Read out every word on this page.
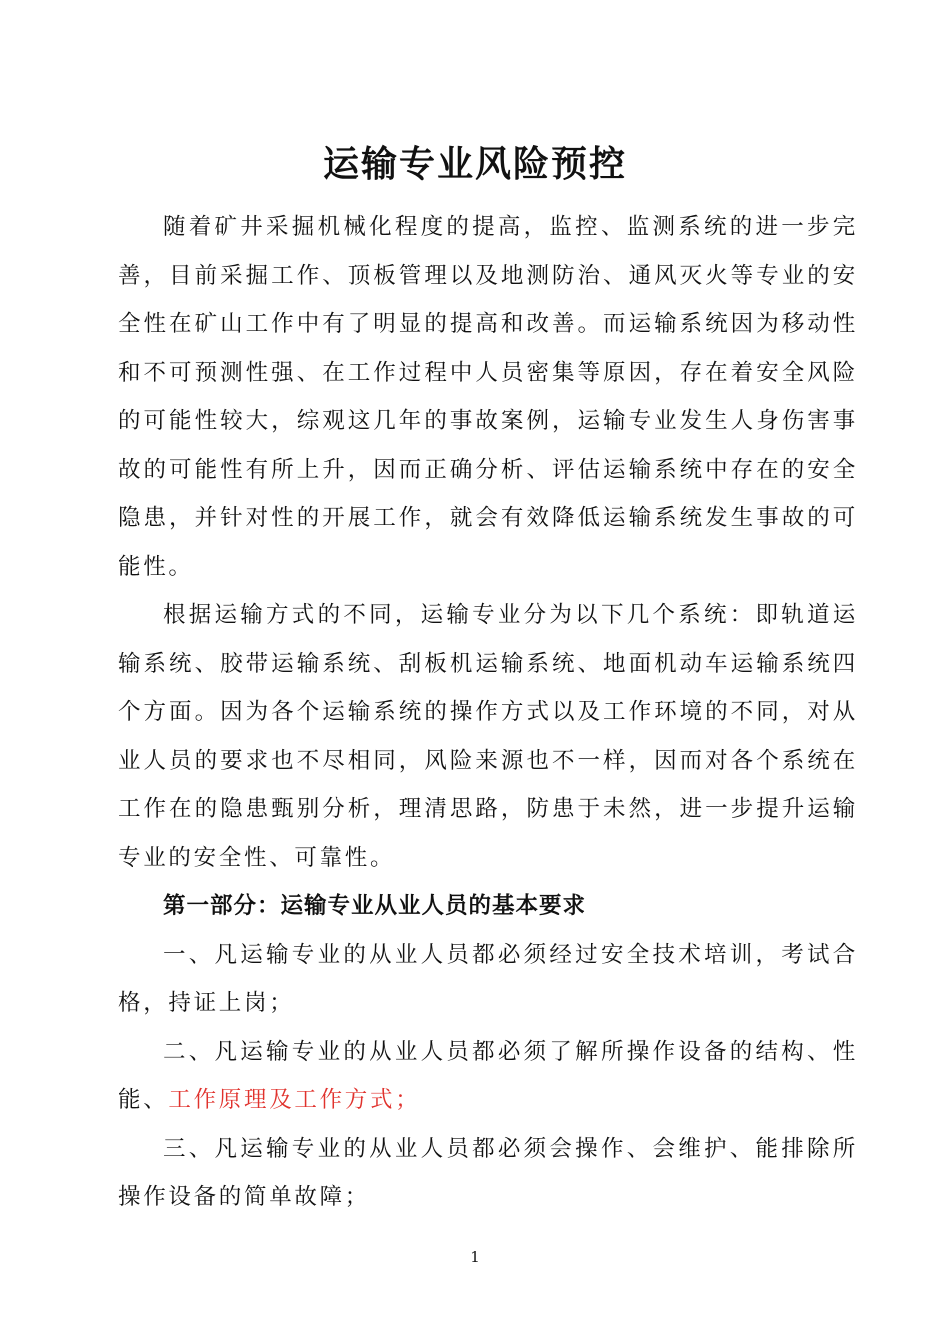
运输专业风险预控

随着矿井采掘机械化程度的提高，监控、监测系统的进一步完善，目前采掘工作、顶板管理以及地测防治、通风灭火等专业的安全性在矿山工作中有了明显的提高和改善。而运输系统因为移动性和不可预测性强、在工作过程中人员密集等原因，存在着安全风险的可能性较大，综观这几年的事故案例，运输专业发生人身伤害事故的可能性有所上升，因而正确分析、评估运输系统中存在的安全隐患，并针对性的开展工作，就会有效降低运输系统发生事故的可能性。

根据运输方式的不同，运输专业分为以下几个系统：即轨道运输系统、胶带运输系统、刮板机运输系统、地面机动车运输系统四个方面。因为各个运输系统的操作方式以及工作环境的不同，对从业人员的要求也不尽相同，风险来源也不一样，因而对各个系统在工作在的隐患甄别分析，理清思路，防患于未然，进一步提升运输专业的安全性、可靠性。

第一部分：运输专业从业人员的基本要求

一、凡运输专业的从业人员都必须经过安全技术培训，考试合格，持证上岗；

二、凡运输专业的从业人员都必须了解所操作设备的结构、性能、工作原理及工作方式；

三、凡运输专业的从业人员都必须会操作、会维护、能排除所操作设备的简单故障；

1
